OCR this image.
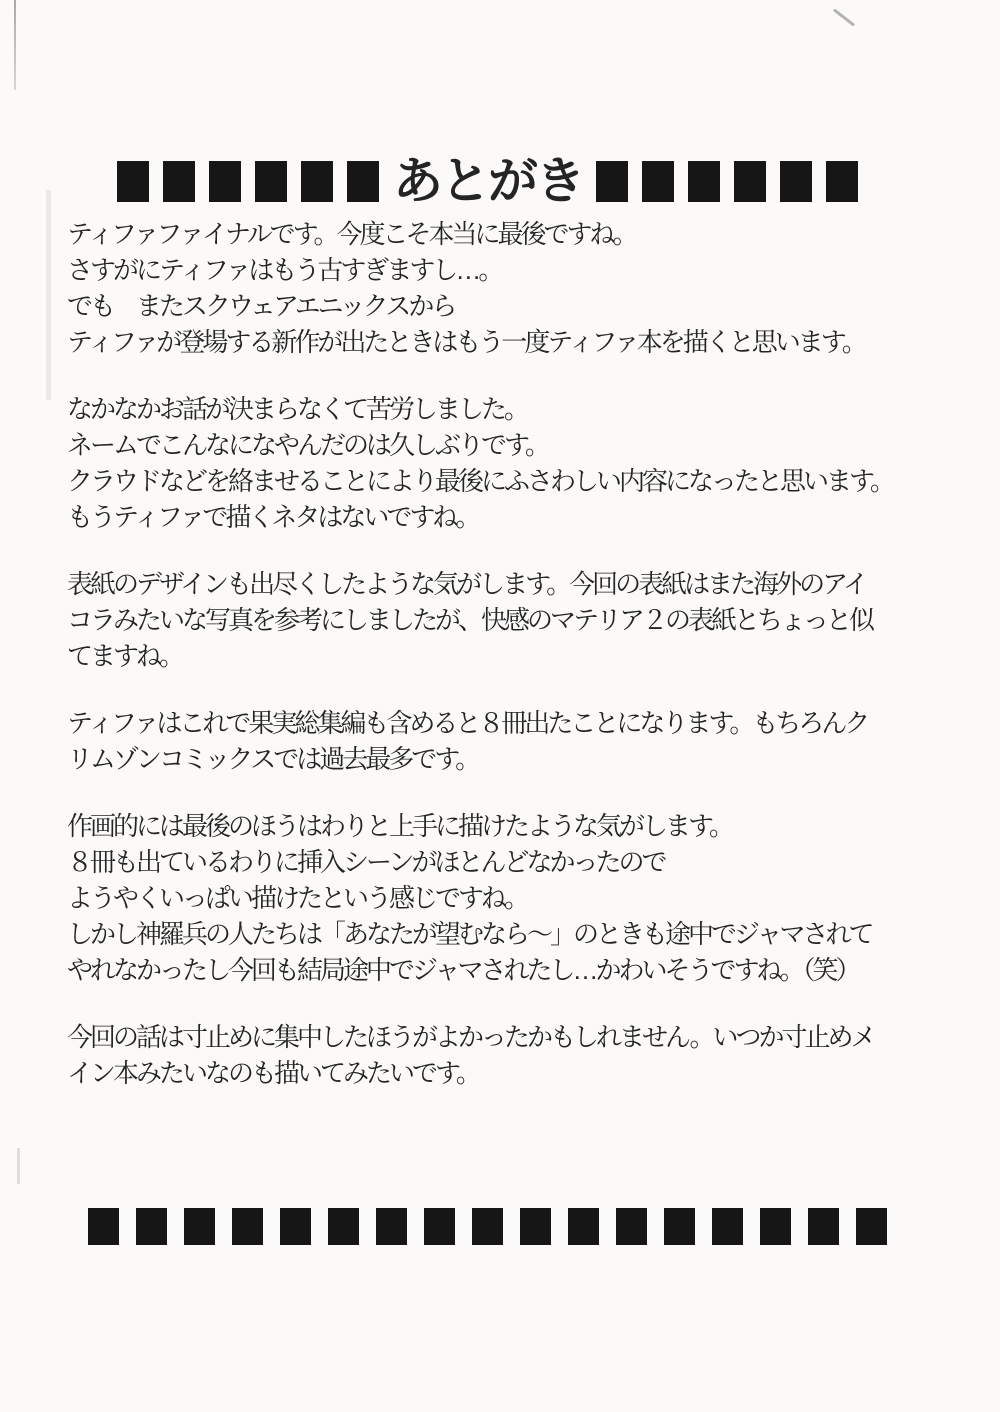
あとがき

ティファファイナルです。今度こそ本当に最後ですね。
さすがにティファはもう古すぎますし…。
でも　またスクウェアエニックスから
ティファが登場する新作が出たときはもう一度ティファ本を描くと思います。

なかなかお話が決まらなくて苦労しました。
ネームでこんなになやんだのは久しぶりです。
クラウドなどを絡ませることにより最後にふさわしい内容になったと思います。
もうティファで描くネタはないですね。

表紙のデザインも出尽くしたような気がします。今回の表紙はまた海外のアイ
コラみたいな写真を参考にしましたが、快感のマテリア２の表紙とちょっと似
てますね。

ティファはこれで果実総集編も含めると８冊出たことになります。もちろんク
リムゾンコミックスでは過去最多です。

作画的には最後のほうはわりと上手に描けたような気がします。
８冊も出ているわりに挿入シーンがほとんどなかったので
ようやくいっぱい描けたという感じですね。
しかし神羅兵の人たちは「あなたが望むなら～」のときも途中でジャマされて
やれなかったし今回も結局途中でジャマされたし…かわいそうですね。（笑）

今回の話は寸止めに集中したほうがよかったかもしれません。いつか寸止めメ
イン本みたいなのも描いてみたいです。
